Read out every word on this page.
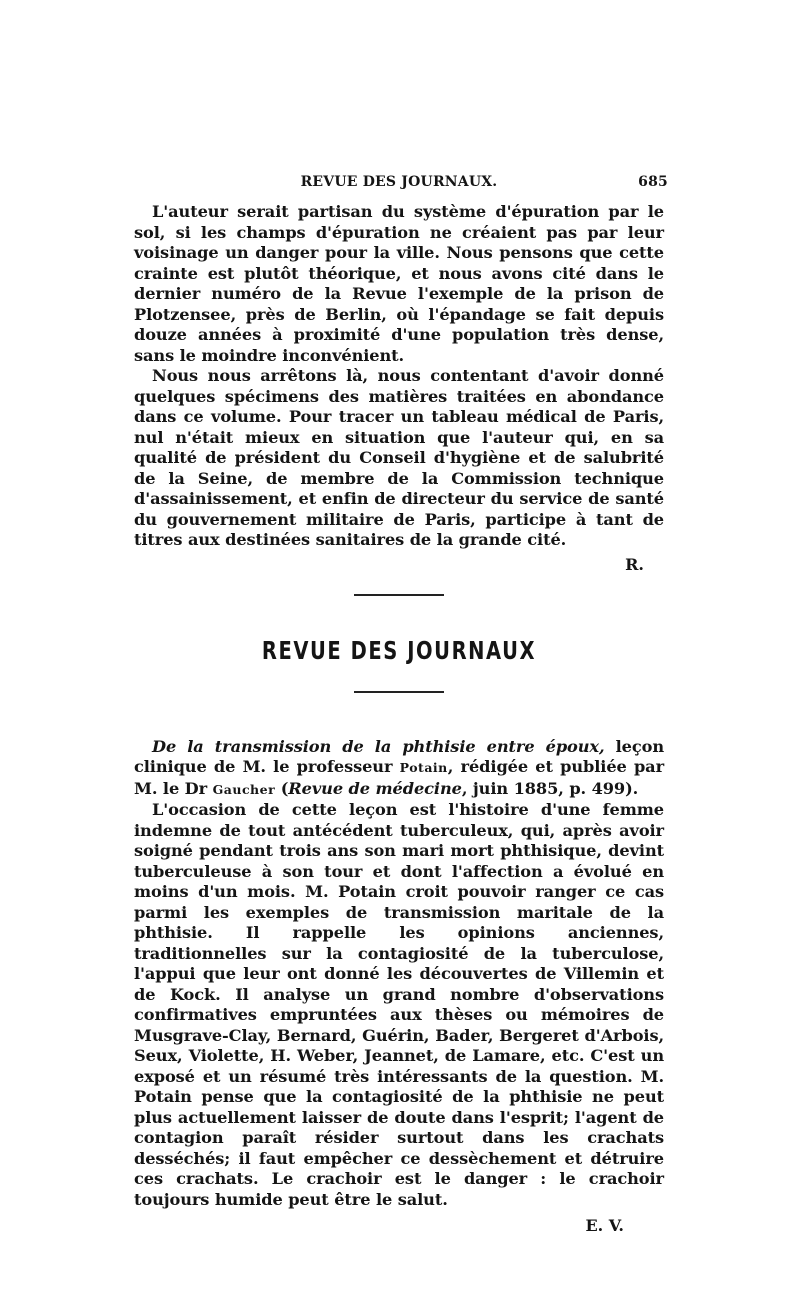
REVUE DES JOURNAUX.	685

L'auteur serait partisan du système d'épuration par le sol, si les champs d'épuration ne créaient pas par leur voisinage un danger pour la ville. Nous pensons que cette crainte est plutôt théorique, et nous avons cité dans le dernier numéro de la Revue l'exemple de la prison de Plotzensee, près de Berlin, où l'épandage se fait depuis douze années à proximité d'une population très dense, sans le moindre inconvénient.

Nous nous arrêtons là, nous contentant d'avoir donné quelques spécimens des matières traitées en abondance dans ce volume. Pour tracer un tableau médical de Paris, nul n'était mieux en situation que l'auteur qui, en sa qualité de président du Conseil d'hygiène et de salubrité de la Seine, de membre de la Commission technique d'assainissement, et enfin de directeur du service de santé du gouvernement militaire de Paris, participe à tant de titres aux destinées sanitaires de la grande cité.

R.
REVUE DES JOURNAUX

De la transmission de la phthisie entre époux, leçon clinique de M. le professeur Potain, rédigée et publiée par M. le Dr Gaucher (Revue de médecine, juin 1885, p. 499).

L'occasion de cette leçon est l'histoire d'une femme indemne de tout antécédent tuberculeux, qui, après avoir soigné pendant trois ans son mari mort phthisique, devint tuberculeuse à son tour et dont l'affection a évolué en moins d'un mois. M. Potain croit pouvoir ranger ce cas parmi les exemples de transmission maritale de la phthisie. Il rappelle les opinions anciennes, traditionnelles sur la contagiosité de la tuberculose, l'appui que leur ont donné les découvertes de Villemin et de Kock. Il analyse un grand nombre d'observations confirmatives empruntées aux thèses ou mémoires de Musgrave-Clay, Bernard, Guérin, Bader, Bergeret d'Arbois, Seux, Violette, H. Weber, Jeannet, de Lamare, etc. C'est un exposé et un résumé très intéressants de la question. M. Potain pense que la contagiosité de la phthisie ne peut plus actuellement laisser de doute dans l'esprit; l'agent de contagion paraît résider surtout dans les crachats desséchés; il faut empêcher ce dessèchement et détruire ces crachats. Le crachoir est le danger : le crachoir toujours humide peut être le salut.

E. V.
